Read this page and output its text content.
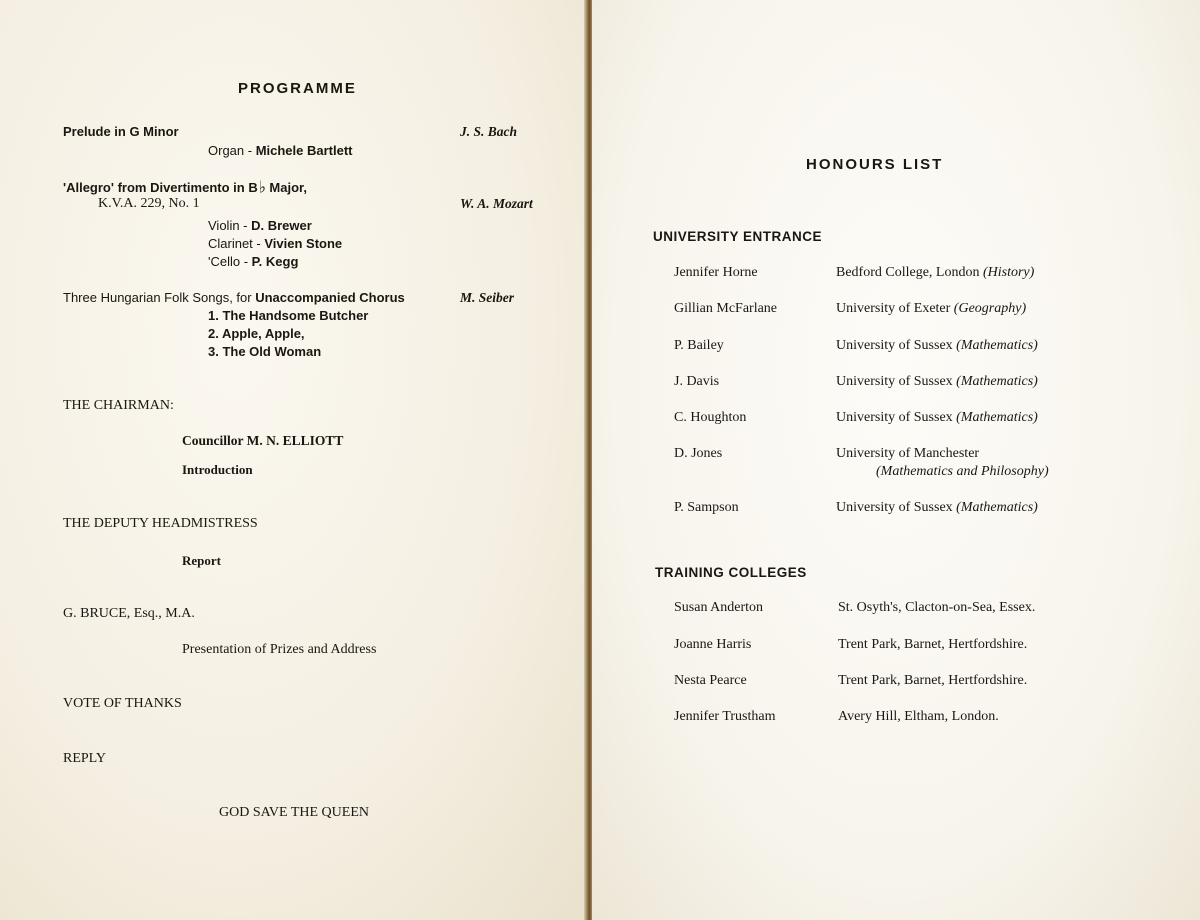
PROGRAMME
Prelude in G Minor	J. S. Bach
Organ - Michele Bartlett
'Allegro' from Divertimento in B♭ Major,
K.V.A. 229, No. 1	W. A. Mozart
Violin - D. Brewer
Clarinet - Vivien Stone
'Cello - P. Kegg
Three Hungarian Folk Songs, for Unaccompanied Chorus	M. Seiber
1. The Handsome Butcher
2. Apple, Apple,
3. The Old Woman
THE CHAIRMAN:
Councillor M. N. ELLIOTT
Introduction
THE DEPUTY HEADMISTRESS
Report
G. BRUCE, Esq., M.A.
Presentation of Prizes and Address
VOTE OF THANKS
REPLY
GOD SAVE THE QUEEN
HONOURS LIST
UNIVERSITY ENTRANCE
Jennifer Horne	Bedford College, London (History)
Gillian McFarlane	University of Exeter (Geography)
P. Bailey	University of Sussex (Mathematics)
J. Davis	University of Sussex (Mathematics)
C. Houghton	University of Sussex (Mathematics)
D. Jones	University of Manchester
(Mathematics and Philosophy)
P. Sampson	University of Sussex (Mathematics)
TRAINING COLLEGES
Susan Anderton	St. Osyth's, Clacton-on-Sea, Essex.
Joanne Harris	Trent Park, Barnet, Hertfordshire.
Nesta Pearce	Trent Park, Barnet, Hertfordshire.
Jennifer Trustham	Avery Hill, Eltham, London.
